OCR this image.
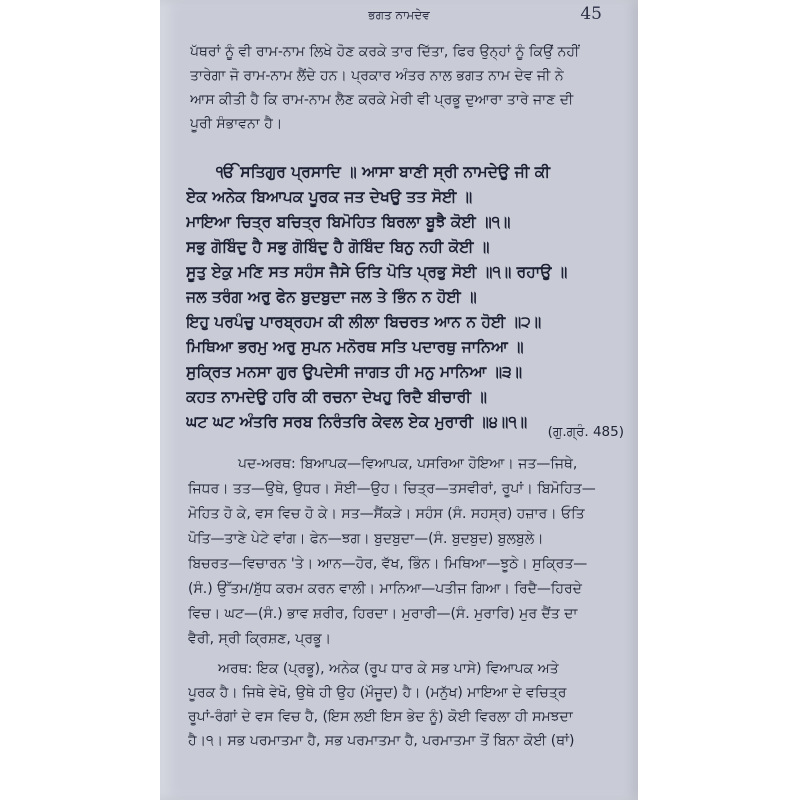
ਭਗਤ ਨਾਮਦੇਵ	45
ਪੱਥਰਾਂ ਨੂੰ ਵੀ ਰਾਮ-ਨਾਮ ਲਿਖੇ ਹੋਣ ਕਰਕੇ ਤਾਰ ਦਿੱਤਾ, ਫਿਰ ਉਨ੍ਹਾਂ ਨੂੰ ਕਿਉਂ ਨਹੀਂ
ਤਾਰੇਗਾ ਜੋ ਰਾਮ-ਨਾਮ ਲੈਂਦੇ ਹਨ। ਪ੍ਰਕਾਰ ਅੰਤਰ ਨਾਲ ਭਗਤ ਨਾਮ ਦੇਵ ਜੀ ਨੇ
ਆਸ ਕੀਤੀ ਹੈ ਕਿ ਰਾਮ-ਨਾਮ ਲੈਣ ਕਰਕੇ ਮੇਰੀ ਵੀ ਪ੍ਰਭੂ ਦੁਆਰਾ ਤਾਰੇ ਜਾਣ ਦੀ
ਪੂਰੀ ਸੰਭਾਵਨਾ ਹੈ।
ੴ ਸਤਿਗੁਰ ਪ੍ਰਸਾਦਿ ॥ ਆਸਾ ਬਾਣੀ ਸ੍ਰੀ ਨਾਮਦੇਉ ਜੀ ਕੀ
ਏਕ ਅਨੇਕ ਬਿਆਪਕ ਪੂਰਕ ਜਤ ਦੇਖਉ ਤਤ ਸੋਈ ॥
ਮਾਇਆ ਚਿਤ੍ਰ ਬਚਿਤ੍ਰ ਬਿਮੋਹਿਤ ਬਿਰਲਾ ਬੂਝੈ ਕੋਈ ॥੧॥
ਸਭੁ ਗੋਬਿੰਦੁ ਹੈ ਸਭੁ ਗੋਬਿੰਦੁ ਹੈ ਗੋਬਿੰਦ ਬਿਨੁ ਨਹੀ ਕੋਈ ॥
ਸੂਤੁ ਏਕੁ ਮਣਿ ਸਤ ਸਹੰਸ ਜੈਸੇ ਓਤਿ ਪੋਤਿ ਪ੍ਰਭੁ ਸੋਈ ॥੧॥ ਰਹਾਉ ॥
ਜਲ ਤਰੰਗ ਅਰੁ ਫੇਨ ਬੁਦਬੁਦਾ ਜਲ ਤੇ ਭਿੰਨ ਨ ਹੋਈ ॥
ਇਹੁ ਪਰਪੰਚੁ ਪਾਰਬ੍ਰਹਮ ਕੀ ਲੀਲਾ ਬਿਚਰਤ ਆਨ ਨ ਹੋਈ ॥੨॥
ਮਿਥਿਆ ਭਰਮੁ ਅਰੁ ਸੁਪਨ ਮਨੋਰਥ ਸਤਿ ਪਦਾਰਥੁ ਜਾਨਿਆ ॥
ਸੁਕ੍ਰਿਤ ਮਨਸਾ ਗੁਰ ਉਪਦੇਸੀ ਜਾਗਤ ਹੀ ਮਨੁ ਮਾਨਿਆ ॥੩॥
ਕਹਤ ਨਾਮਦੇਉ ਹਰਿ ਕੀ ਰਚਨਾ ਦੇਖਹੁ ਰਿਦੈ ਬੀਚਾਰੀ ॥
ਘਟ ਘਟ ਅੰਤਰਿ ਸਰਬ ਨਿਰੰਤਰਿ ਕੇਵਲ ਏਕ ਮੁਰਾਰੀ ॥੪॥੧॥
(ਗੁ.ਗ੍ਰੰ. 485)
ਪਦ-ਅਰਥ: ਬਿਆਪਕ—ਵਿਆਪਕ, ਪਸਰਿਆ ਹੋਇਆ। ਜਤ—ਜਿਥੇ,
ਜਿਧਰ। ਤਤ—ਉਥੇ, ਉਧਰ। ਸੋਈ—ਉਹ। ਚਿਤ੍ਰ—ਤਸਵੀਰਾਂ, ਰੂਪਾਂ। ਬਿਮੋਹਿਤ—
ਮੋਹਿਤ ਹੋ ਕੇ, ਵਸ ਵਿਚ ਹੋ ਕੇ। ਸਤ—ਸੈਂਕੜੇ। ਸਹੰਸ (ਸੰ. ਸਹਸ੍ਰ) ਹਜ਼ਾਰ। ਓਤਿ
ਪੋਤਿ—ਤਾਣੇ ਪੇਟੇ ਵਾਂਗ। ਫੇਨ—ਝਗ। ਬੁਦਬੁਦਾ—(ਸੰ. ਬੁਦਬੁਦ) ਬੁਲਬੁਲੇ।
ਬਿਚਰਤ—ਵਿਚਾਰਨ 'ਤੇ। ਆਨ—ਹੋਰ, ਵੱਖ, ਭਿੰਨ। ਮਿਥਿਆ—ਝੂਠੇ। ਸੁਕ੍ਰਿਤ—
(ਸੰ.) ਉੱਤਮ/ਸ਼ੁੱਧ ਕਰਮ ਕਰਨ ਵਾਲੀ। ਮਾਨਿਆ—ਪਤੀਜ ਗਿਆ। ਰਿਦੈ—ਹਿਰਦੇ
ਵਿਚ। ਘਟ—(ਸੰ.) ਭਾਵ ਸ਼ਰੀਰ, ਹਿਰਦਾ। ਮੁਰਾਰੀ—(ਸੰ. ਮੁਰਾਰਿ) ਮੁਰ ਦੈਂਤ ਦਾ
ਵੈਰੀ, ਸ੍ਰੀ ਕ੍ਰਿਸ਼ਣ, ਪ੍ਰਭੂ।
ਅਰਥ: ਇਕ (ਪ੍ਰਭੂ), ਅਨੇਕ (ਰੂਪ ਧਾਰ ਕੇ ਸਭ ਪਾਸੇ) ਵਿਆਪਕ ਅਤੇ
ਪੂਰਕ ਹੈ। ਜਿਥੇ ਵੇਖੋ, ਉਥੇ ਹੀ ਉਹ (ਮੌਜੂਦ) ਹੈ। (ਮਨੁੱਖ) ਮਾਇਆ ਦੇ ਵਚਿਤ੍ਰ
ਰੂਪਾਂ-ਰੰਗਾਂ ਦੇ ਵਸ ਵਿਚ ਹੈ, (ਇਸ ਲਈ ਇਸ ਭੇਦ ਨੂੰ) ਕੋਈ ਵਿਰਲਾ ਹੀ ਸਮਝਦਾ
ਹੈ।੧। ਸਭ ਪਰਮਾਤਮਾ ਹੈ, ਸਭ ਪਰਮਾਤਮਾ ਹੈ, ਪਰਮਾਤਮਾ ਤੋਂ ਬਿਨਾ ਕੋਈ (ਥਾਂ)
